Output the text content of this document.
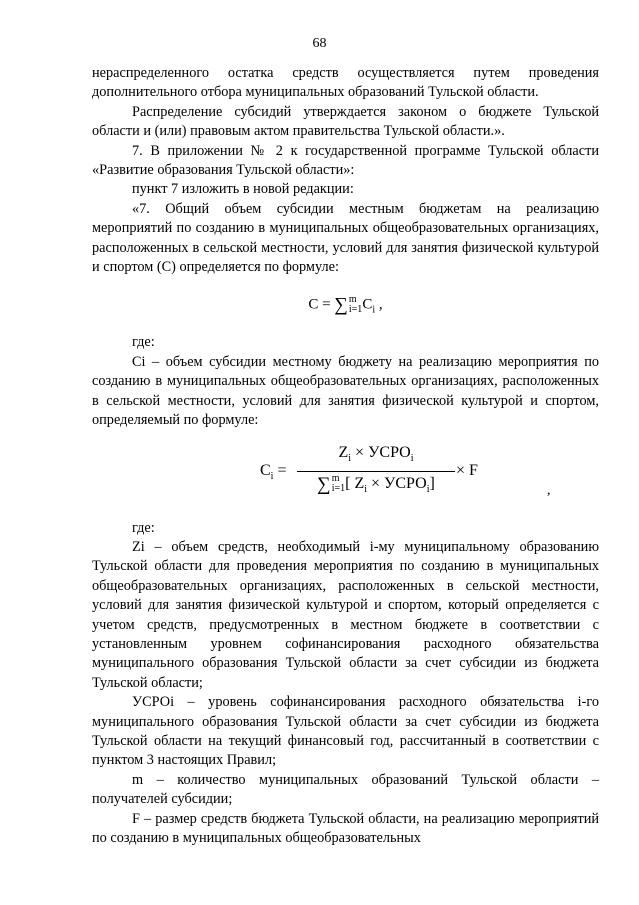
68

нераспределенного остатка средств осуществляется путем проведения дополнительного отбора муниципальных образований Тульской области.

Распределение субсидий утверждается законом о бюджете Тульской области и (или) правовым актом правительства Тульской области.».

7. В приложении № 2 к государственной программе Тульской области «Развитие образования Тульской области»:

пункт 7 изложить в новой редакции:

«7. Общий объем субсидии местным бюджетам на реализацию мероприятий по созданию в муниципальных общеобразовательных организациях, расположенных в сельской местности, условий для занятия физической культурой и спортом (С) определяется по формуле:

С = ∑m
$i=1C_i$ ,

где:

Ci – объем субсидии местному бюджету на реализацию мероприятия по созданию в муниципальных общеобразовательных организациях, расположенных в сельской местности, условий для занятия физической культурой и спортом, определяемый по формуле:

$C_i$ =
$Z_i$ × $УСРО_i$
∑m
i=1[ $Z_i$ × $УСРО_i$]
× F
,

где:

Zi – объем средств, необходимый i-му муниципальному образованию Тульской области для проведения мероприятия по созданию в муниципальных общеобразовательных организациях, расположенных в сельской местности, условий для занятия физической культурой и спортом, который определяется с учетом средств, предусмотренных в местном бюджете в соответствии с установленным уровнем софинансирования расходного обязательства муниципального образования Тульской области за счет субсидии из бюджета Тульской области;

УСРОi – уровень софинансирования расходного обязательства i-го муниципального образования Тульской области за счет субсидии из бюджета Тульской области на текущий финансовый год, рассчитанный в соответствии с пунктом 3 настоящих Правил;

m – количество муниципальных образований Тульской области – получателей субсидии;

F – размер средств бюджета Тульской области, на реализацию мероприятий по созданию в муниципальных общеобразовательных
